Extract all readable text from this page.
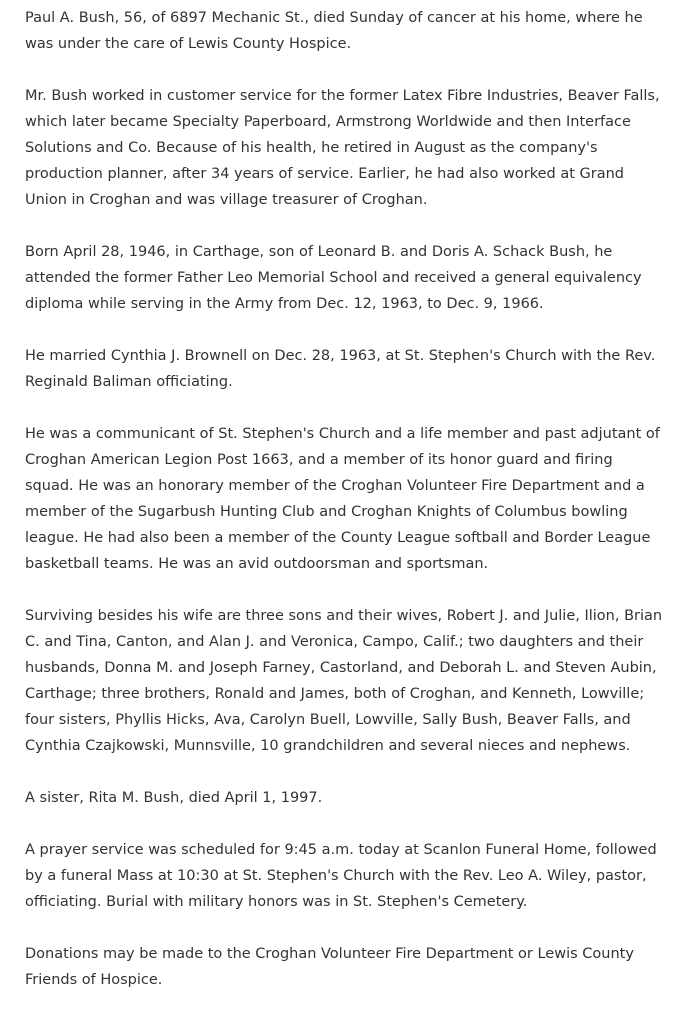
Paul A. Bush, 56, of 6897 Mechanic St., died Sunday of cancer at his home, where he was under the care of Lewis County Hospice.

Mr. Bush worked in customer service for the former Latex Fibre Industries, Beaver Falls, which later became Specialty Paperboard, Armstrong Worldwide and then Interface Solutions and Co. Because of his health, he retired in August as the company's production planner, after 34 years of service. Earlier, he had also worked at Grand Union in Croghan and was village treasurer of Croghan.

Born April 28, 1946, in Carthage, son of Leonard B. and Doris A. Schack Bush, he attended the former Father Leo Memorial School and received a general equivalency diploma while serving in the Army from Dec. 12, 1963, to Dec. 9, 1966.

He married Cynthia J. Brownell on Dec. 28, 1963, at St. Stephen's Church with the Rev. Reginald Baliman officiating.

He was a communicant of St. Stephen's Church and a life member and past adjutant of Croghan American Legion Post 1663, and a member of its honor guard and firing squad. He was an honorary member of the Croghan Volunteer Fire Department and a member of the Sugarbush Hunting Club and Croghan Knights of Columbus bowling league. He had also been a member of the County League softball and Border League basketball teams. He was an avid outdoorsman and sportsman.

Surviving besides his wife are three sons and their wives, Robert J. and Julie, Ilion, Brian C. and Tina, Canton, and Alan J. and Veronica, Campo, Calif.; two daughters and their husbands, Donna M. and Joseph Farney, Castorland, and Deborah L. and Steven Aubin, Carthage; three brothers, Ronald and James, both of Croghan, and Kenneth, Lowville; four sisters, Phyllis Hicks, Ava, Carolyn Buell, Lowville, Sally Bush, Beaver Falls, and Cynthia Czajkowski, Munnsville, 10 grandchildren and several nieces and nephews.

A sister, Rita M. Bush, died April 1, 1997.

A prayer service was scheduled for 9:45 a.m. today at Scanlon Funeral Home, followed by a funeral Mass at 10:30 at St. Stephen's Church with the Rev. Leo A. Wiley, pastor, officiating. Burial with military honors was in St. Stephen's Cemetery.

Donations may be made to the Croghan Volunteer Fire Department or Lewis County Friends of Hospice.
